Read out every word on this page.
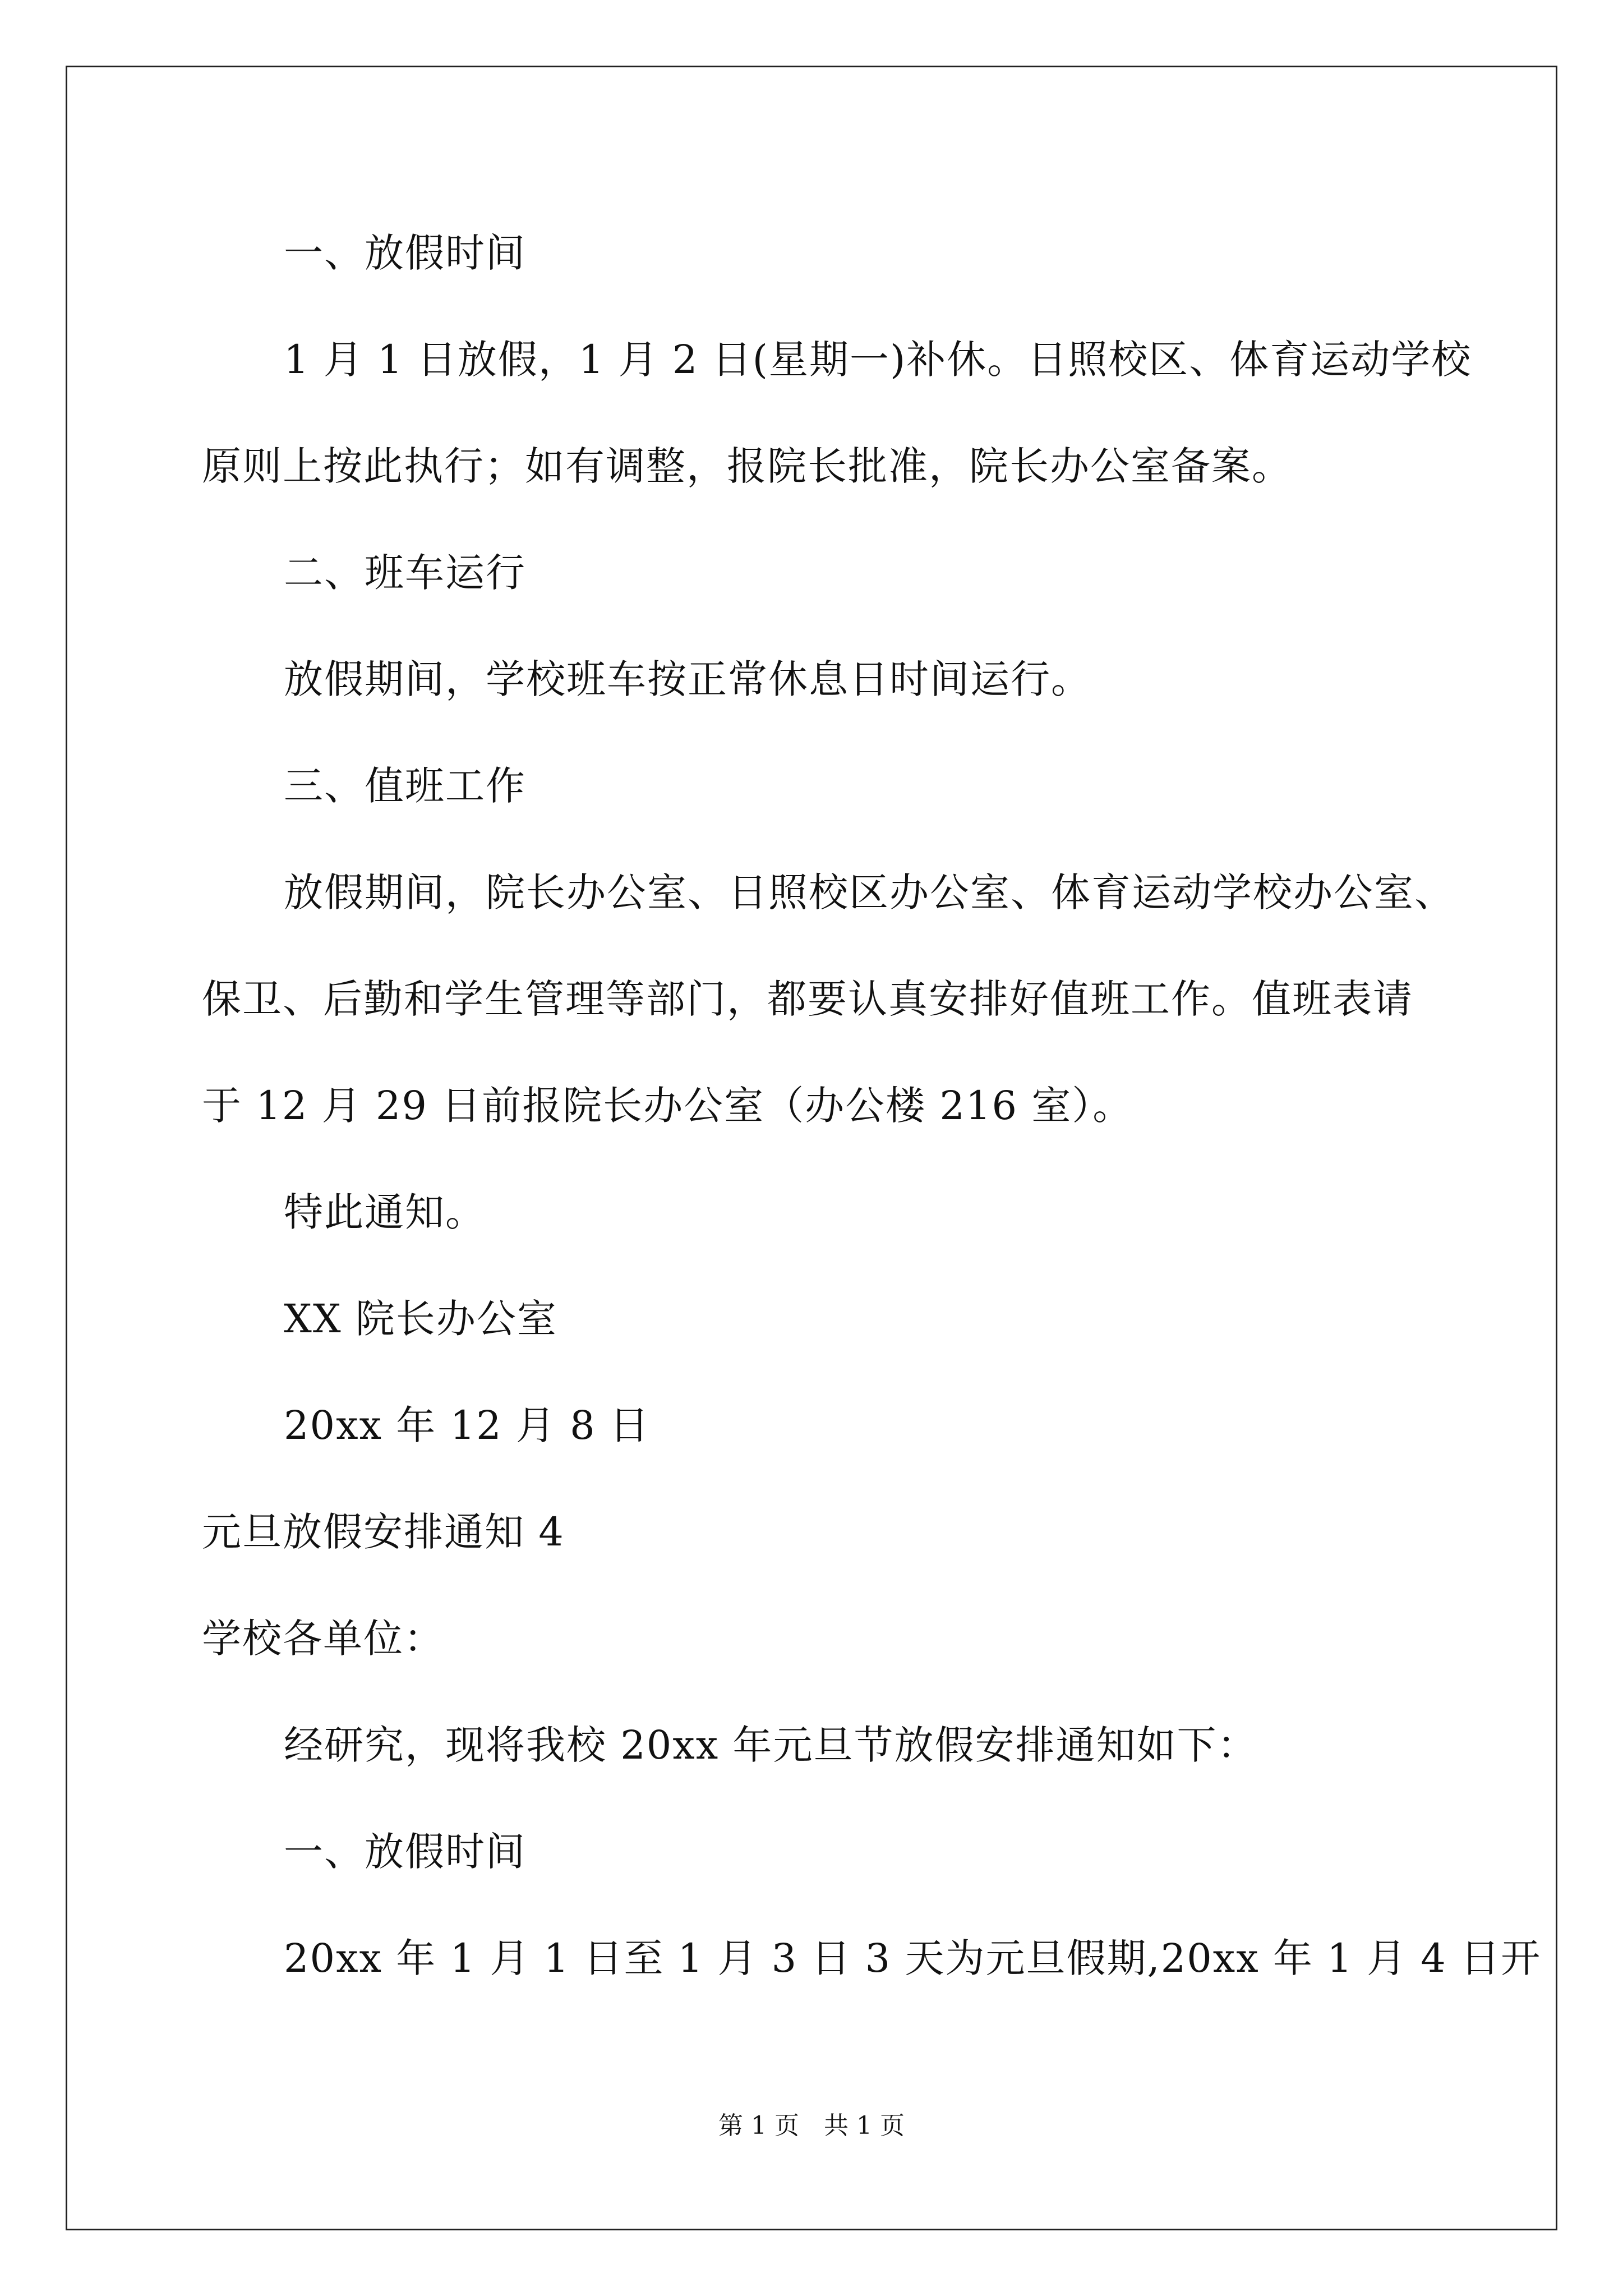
一、放假时间
1 月 1 日放假，1 月 2 日(星期一)补休。日照校区、体育运动学校
原则上按此执行；如有调整，报院长批准，院长办公室备案。
二、班车运行
放假期间，学校班车按正常休息日时间运行。
三、值班工作
放假期间，院长办公室、日照校区办公室、体育运动学校办公室、
保卫、后勤和学生管理等部门，都要认真安排好值班工作。值班表请
于 12 月 29 日前报院长办公室（办公楼 216 室）。
特此通知。
XX 院长办公室
20xx 年 12 月 8 日
元旦放假安排通知 4
学校各单位：
经研究，现将我校 20xx 年元旦节放假安排通知如下：
一、放假时间
20xx 年 1 月 1 日至 1 月 3 日 3 天为元旦假期,20xx 年 1 月 4 日开
第 1 页　共 1 页
